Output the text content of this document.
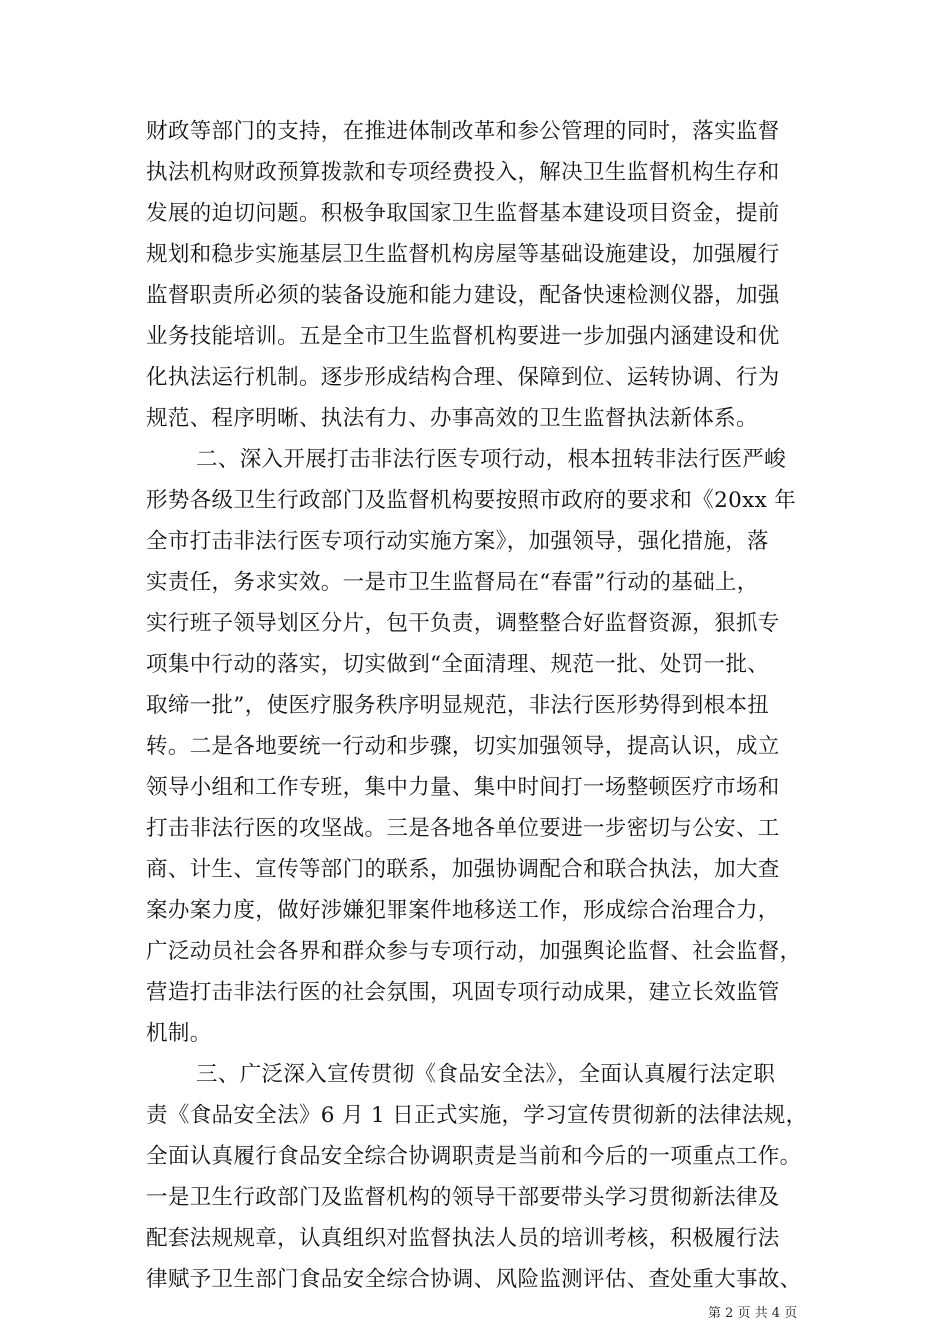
财政等部门的支持，在推进体制改革和参公管理的同时，落实监督
执法机构财政预算拨款和专项经费投入，解决卫生监督机构生存和
发展的迫切问题。积极争取国家卫生监督基本建设项目资金，提前
规划和稳步实施基层卫生监督机构房屋等基础设施建设，加强履行
监督职责所必须的装备设施和能力建设，配备快速检测仪器，加强
业务技能培训。五是全市卫生监督机构要进一步加强内涵建设和优
化执法运行机制。逐步形成结构合理、保障到位、运转协调、行为
规范、程序明晰、执法有力、办事高效的卫生监督执法新体系。
二、深入开展打击非法行医专项行动，根本扭转非法行医严峻
形势各级卫生行政部门及监督机构要按照市政府的要求和《20xx 年
全市打击非法行医专项行动实施方案》，加强领导，强化措施，落
实责任，务求实效。一是市卫生监督局在“春雷”行动的基础上，
实行班子领导划区分片，包干负责，调整整合好监督资源，狠抓专
项集中行动的落实，切实做到“全面清理、规范一批、处罚一批、
取缔一批”，使医疗服务秩序明显规范，非法行医形势得到根本扭
转。二是各地要统一行动和步骤，切实加强领导，提高认识，成立
领导小组和工作专班，集中力量、集中时间打一场整顿医疗市场和
打击非法行医的攻坚战。三是各地各单位要进一步密切与公安、工
商、计生、宣传等部门的联系，加强协调配合和联合执法，加大查
案办案力度，做好涉嫌犯罪案件地移送工作，形成综合治理合力，
广泛动员社会各界和群众参与专项行动，加强舆论监督、社会监督，
营造打击非法行医的社会氛围，巩固专项行动成果，建立长效监管
机制。
三、广泛深入宣传贯彻《食品安全法》，全面认真履行法定职
责《食品安全法》6 月 1 日正式实施，学习宣传贯彻新的法律法规，
全面认真履行食品安全综合协调职责是当前和今后的一项重点工作。
一是卫生行政部门及监督机构的领导干部要带头学习贯彻新法律及
配套法规规章，认真组织对监督执法人员的培训考核，积极履行法
律赋予卫生部门食品安全综合协调、风险监测评估、查处重大事故、
第 2 页 共 4 页
